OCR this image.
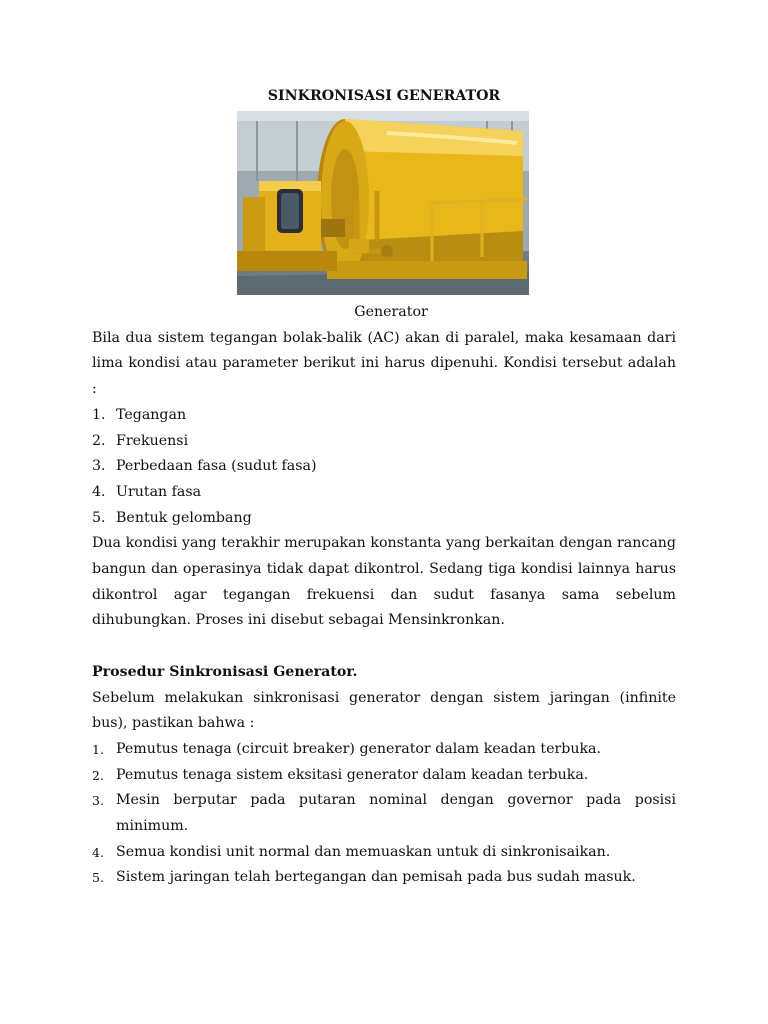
SINKRONISASI GENERATOR
Generator

Bila dua sistem tegangan bolak-balik (AC) akan di paralel, maka kesamaan dari lima kondisi atau parameter berikut ini harus dipenuhi. Kondisi tersebut adalah :

1. Tegangan
2. Frekuensi
3. Perbedaan fasa (sudut fasa)
4. Urutan fasa
5. Bentuk gelombang

Dua kondisi yang terakhir merupakan konstanta yang berkaitan dengan rancang bangun dan operasinya tidak dapat dikontrol. Sedang tiga kondisi lainnya harus dikontrol agar tegangan frekuensi dan sudut fasanya sama sebelum dihubungkan. Proses ini disebut sebagai Mensinkronkan.

Prosedur Sinkronisasi Generator.

Sebelum melakukan sinkronisasi generator dengan sistem jaringan (infinite bus), pastikan bahwa :

1. Pemutus tenaga (circuit breaker) generator dalam keadan terbuka.
2. Pemutus tenaga sistem eksitasi generator dalam keadan terbuka.
3. Mesin berputar pada putaran nominal dengan governor pada posisi minimum.
4. Semua kondisi unit normal dan memuaskan untuk di sinkronisaikan.
5. Sistem jaringan telah bertegangan dan pemisah pada bus sudah masuk.
